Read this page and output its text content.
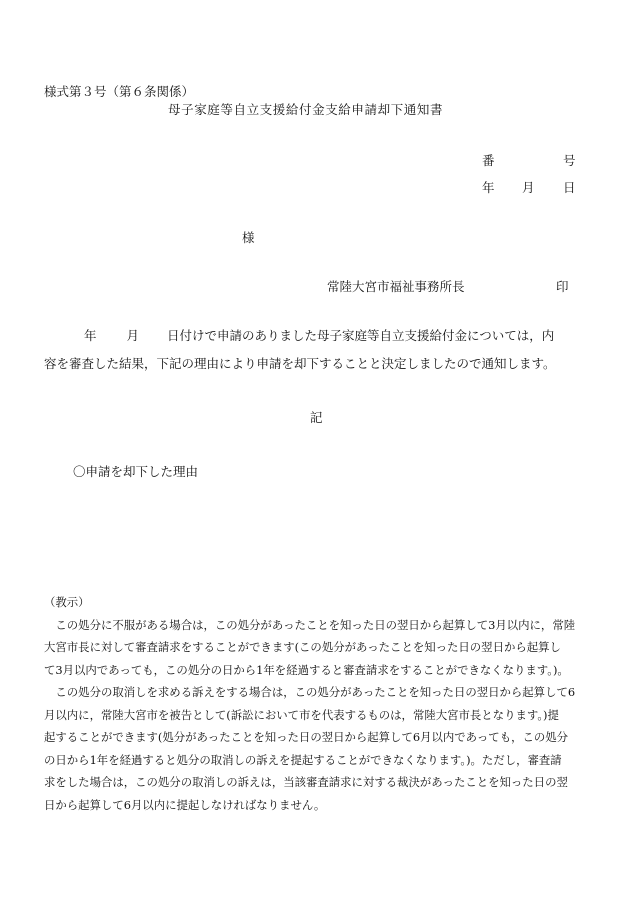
様式第３号（第６条関係）
母子家庭等自立支援給付金支給申請却下通知書
番	号
年 月 日
様
常陸大宮市福祉事務所長	印
年 月 日付けで申請のありました母子家庭等自立支援給付金については，内
容を審査した結果，下記の理由により申請を却下することと決定しましたので通知します。
記
〇申請を却下した理由
（教示）
　この処分に不服がある場合は，この処分があったことを知った日の翌日から起算して3月以内に，常陸
大宮市長に対して審査請求をすることができます(この処分があったことを知った日の翌日から起算し
て3月以内であっても，この処分の日から1年を経過すると審査請求をすることができなくなります。)。
　この処分の取消しを求める訴えをする場合は，この処分があったことを知った日の翌日から起算して6
月以内に，常陸大宮市を被告として(訴訟において市を代表するものは，常陸大宮市長となります。)提
起することができます(処分があったことを知った日の翌日から起算して6月以内であっても，この処分
の日から1年を経過すると処分の取消しの訴えを提起することができなくなります。)。ただし，審査請
求をした場合は，この処分の取消しの訴えは，当該審査請求に対する裁決があったことを知った日の翌
日から起算して6月以内に提起しなければなりません。
